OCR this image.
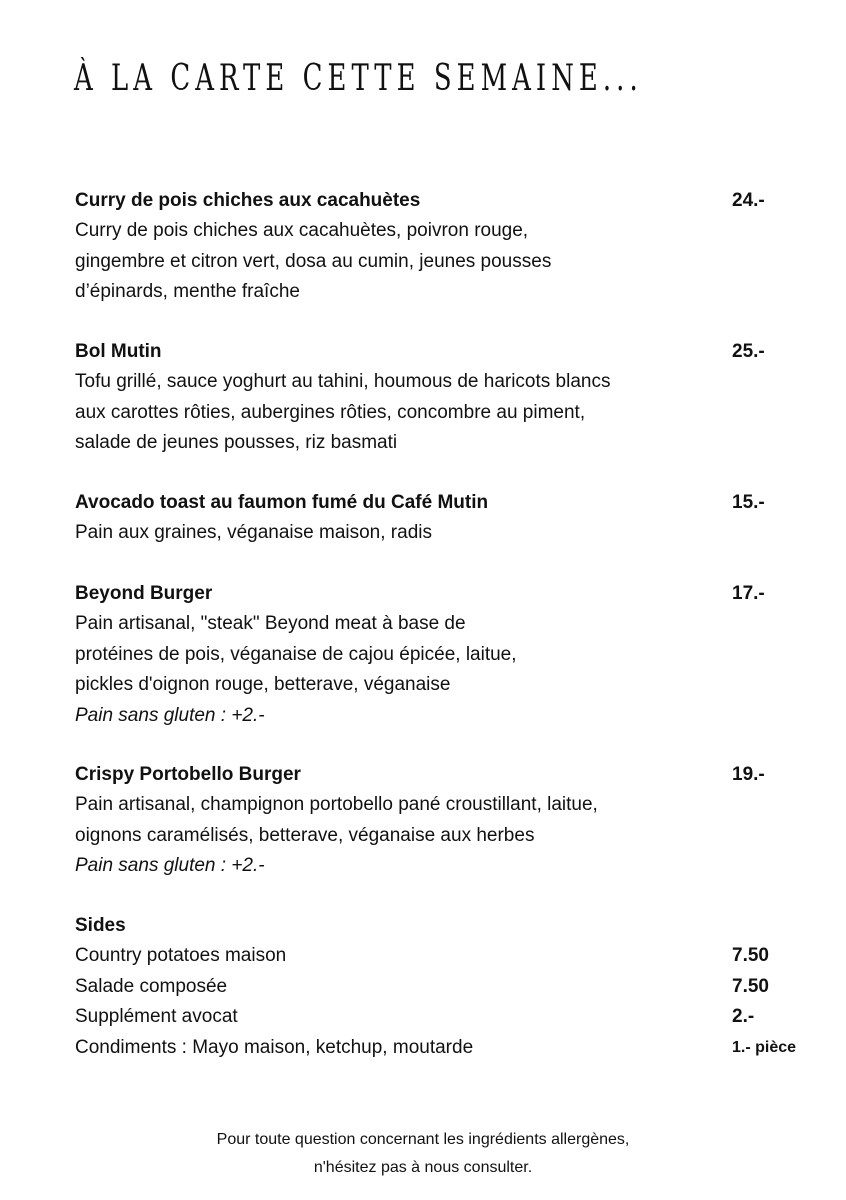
À LA CARTE CETTE SEMAINE...
Curry de pois chiches aux cacahuètes	24.-
Curry de pois chiches aux cacahuètes, poivron rouge,
gingembre et citron vert, dosa au cumin, jeunes pousses
d’épinards, menthe fraîche
Bol Mutin	25.-
Tofu grillé, sauce yoghurt au tahini, houmous de haricots blancs
aux carottes rôties, aubergines rôties, concombre au piment,
salade de jeunes pousses, riz basmati
Avocado toast au faumon fumé du Café Mutin	15.-
Pain aux graines, véganaise maison, radis
Beyond Burger	17.-
Pain artisanal, "steak" Beyond meat à base de
protéines de pois, véganaise de cajou épicée, laitue,
pickles d'oignon rouge, betterave, véganaise
Pain sans gluten : +2.-
Crispy Portobello Burger	19.-
Pain artisanal, champignon portobello pané croustillant, laitue,
oignons caramélisés, betterave, véganaise aux herbes
Pain sans gluten : +2.-
Sides
Country potatoes maison	7.50
Salade composée	7.50
Supplément avocat	2.-
Condiments : Mayo maison, ketchup, moutarde	1.- pièce
Pour toute question concernant les ingrédients allergènes,
n'hésitez pas à nous consulter.
